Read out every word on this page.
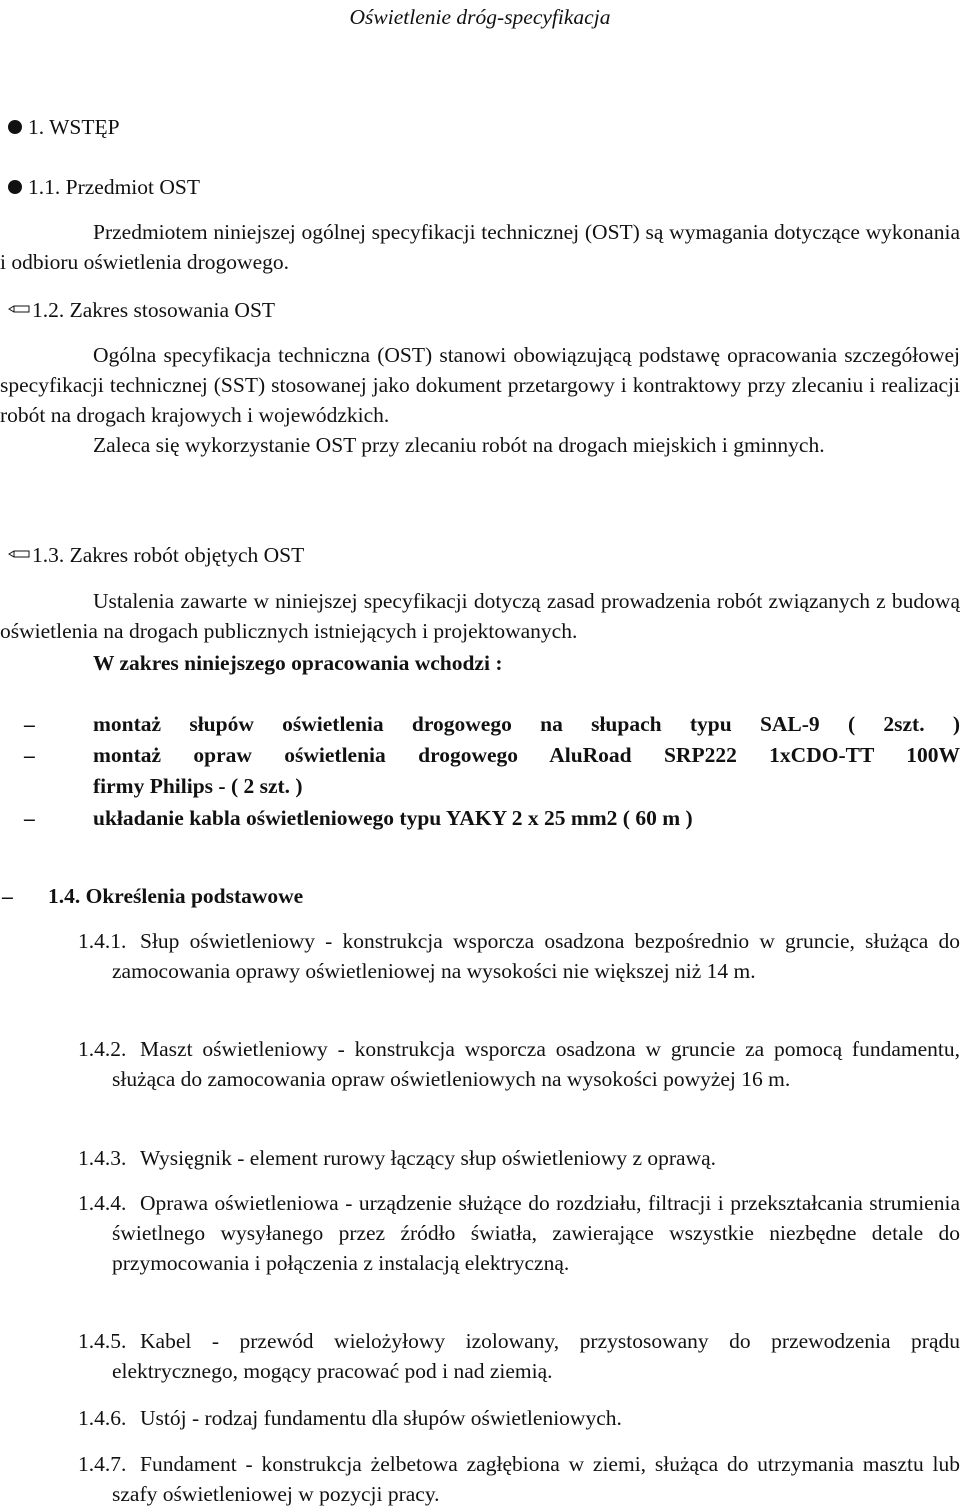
Oświetlenie dróg-specyfikacja
1. WSTĘP
1.1. Przedmiot OST

Przedmiotem niniejszej ogólnej specyfikacji technicznej (OST) są wymagania dotyczące wykonania i odbioru oświetlenia drogowego.

1.2. Zakres stosowania OST

Ogólna specyfikacja techniczna (OST) stanowi obowiązującą podstawę opracowania szczegółowej specyfikacji technicznej (SST) stosowanej jako dokument przetargowy i kontraktowy przy zlecaniu i realizacji robót na drogach krajowych i wojewódzkich.

Zaleca się wykorzystanie OST przy zlecaniu robót na drogach miejskich i gminnych.

1.3. Zakres robót objętych OST

Ustalenia zawarte w niniejszej specyfikacji dotyczą zasad prowadzenia robót związanych z budową oświetlenia na drogach publicznych istniejących i projektowanych.

W zakres niniejszego opracowania wchodzi :
–	montaż słupów oświetlenia drogowego na słupach typu SAL-9 ( 2szt. )
–	montaż opraw oświetlenia drogowego AluRoad SRP222 1xCDO-TT 100W
firmy Philips - ( 2 szt. )
–	układanie kabla oświetleniowego typu YAKY 2 x 25 mm2 ( 60 m )
– 1.4. Określenia podstawowe
1.4.1. Słup oświetleniowy - konstrukcja wsporcza osadzona bezpośrednio w gruncie, służąca do zamocowania oprawy oświetleniowej na wysokości nie większej niż 14 m.
1.4.2. Maszt oświetleniowy - konstrukcja wsporcza osadzona w gruncie za pomocą fundamentu, służąca do zamocowania opraw oświetleniowych na wysokości powyżej 16 m.
1.4.3. Wysięgnik - element rurowy łączący słup oświetleniowy z oprawą.
1.4.4. Oprawa oświetleniowa - urządzenie służące do rozdziału, filtracji i przekształcania strumienia świetlnego wysyłanego przez źródło światła, zawierające wszystkie niezbędne detale do przymocowania i połączenia z instalacją elektryczną.
1.4.5. Kabel - przewód wielożyłowy izolowany, przystosowany do przewodzenia prądu elektrycznego, mogący pracować pod i nad ziemią.
1.4.6. Ustój - rodzaj fundamentu dla słupów oświetleniowych.
1.4.7. Fundament - konstrukcja żelbetowa zagłębiona w ziemi, służąca do utrzymania masztu lub szafy oświetleniowej w pozycji pracy.
